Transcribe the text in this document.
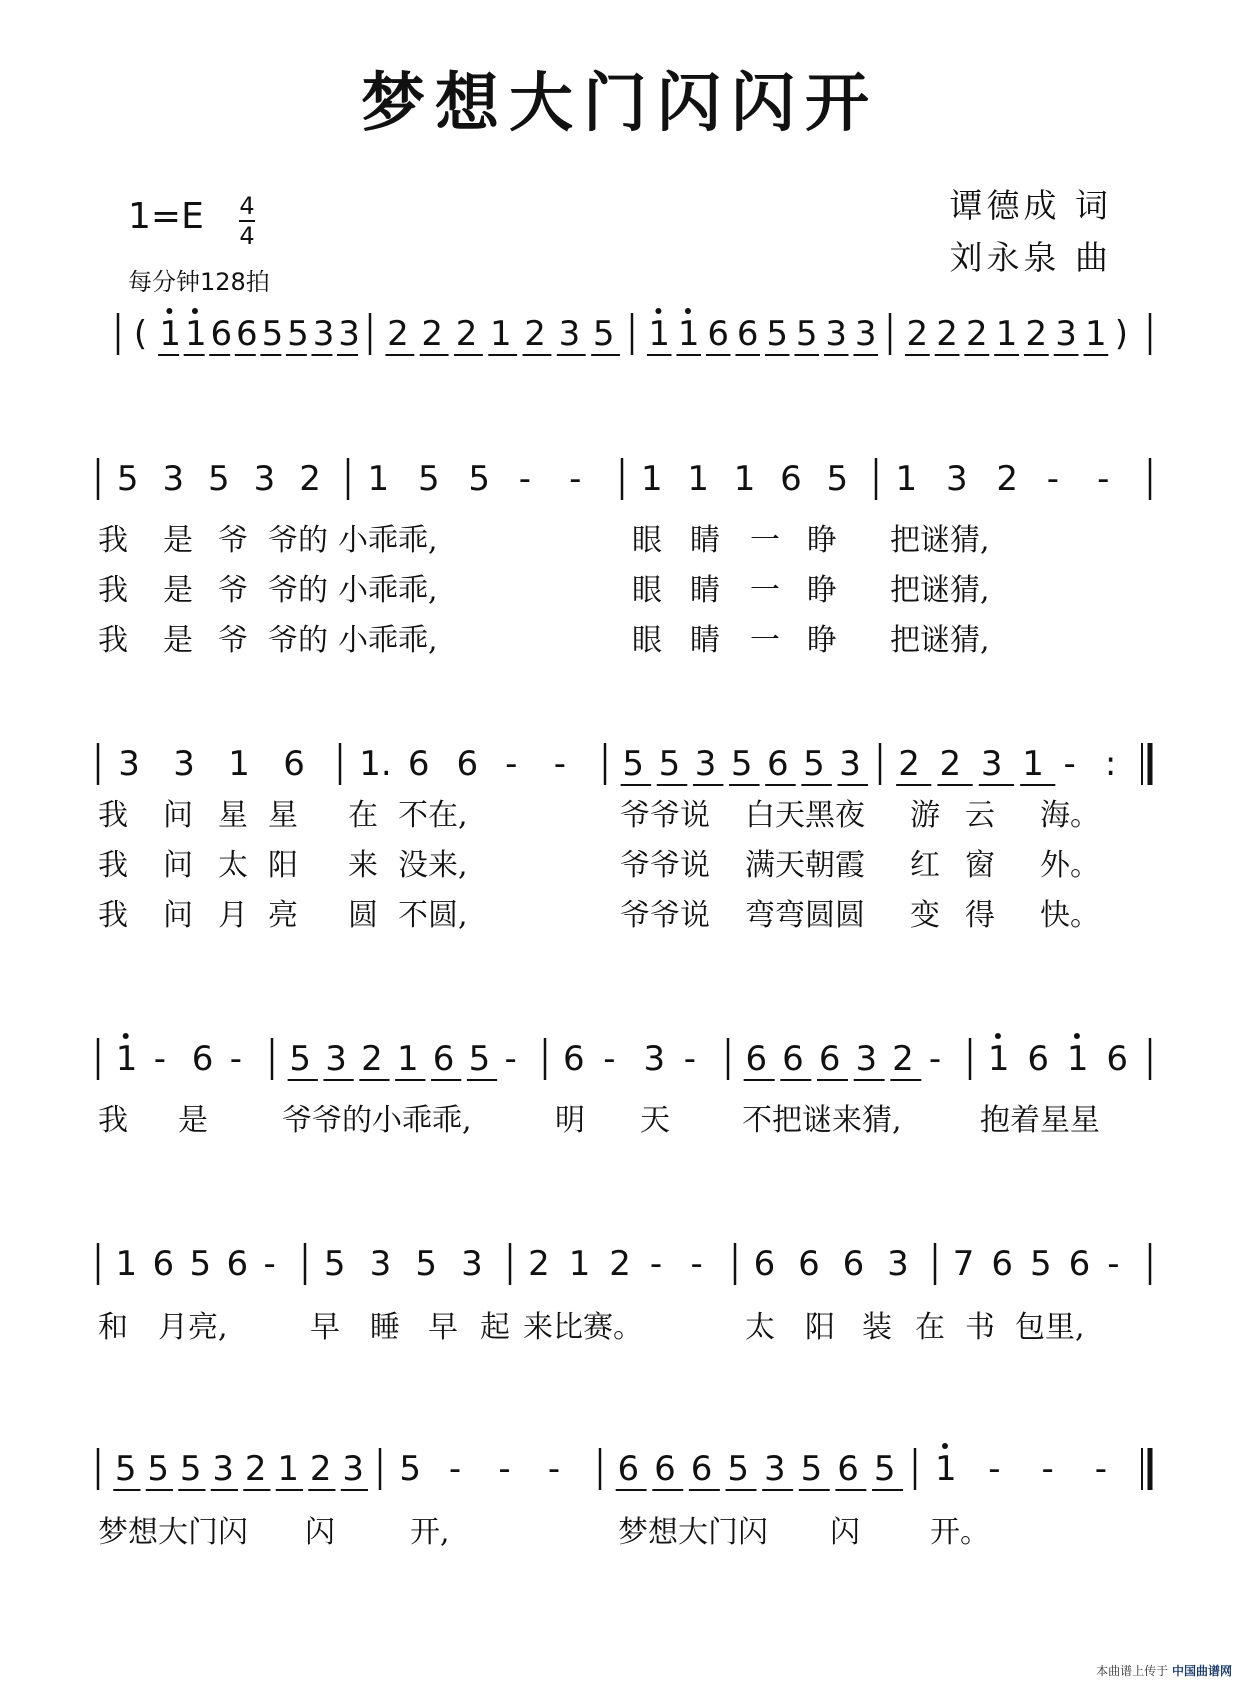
梦想大门闪闪开
1=E	4
4
每分钟128拍
谭德成 词
刘永泉 曲
( 1 1 6 6 5 5 3 3 2 2 2 1 2 3 5 1 1 6 6 5 5 3 3 2 2 2 1 2 3 1 )
5 3 5 3 2 1 5 5 - - 1 1 1 6 5 1 3 2 - -
我 是 爷 爷的 小乖乖,	眼 睛 一 睁 把谜猜,
我 是 爷 爷的 小乖乖,	眼 睛 一 睁 把谜猜,
我 是 爷 爷的 小乖乖,	眼 睛 一 睁 把谜猜,
3 3 1 6 1. 6 6 - - 5 5 3 5 6 5 3 2 2 3 1 - :
我 问 星 星 在 不在,	爷爷说 白天黑夜 游 云 海。
我 问 太 阳 来 没来,	爷爷说 满天朝霞 红 窗 外。
我 问 月 亮 圆 不圆,	爷爷说 弯弯圆圆 变 得 快。
1 - 6 - 5 3 2 1 6 5 - 6 - 3 - 6 6 6 3 2 - 1 6 1 6
我 是 爷爷的小乖乖,	明 天 不把谜来猜,	抱着星星
1 6 5 6 - 5 3 5 3 2 1 2 - - 6 6 6 3 7 6 5 6 -
和 月亮,	早 睡 早 起 来比赛。	太 阳 装 在 书 包里,
5 5 5 3 2 1 2 3 5 - - - 6 6 6 5 3 5 6 5 1 - - -
梦想大门闪 闪	开,	梦想大门闪 闪 开。
本曲谱上传于 中国曲谱网
